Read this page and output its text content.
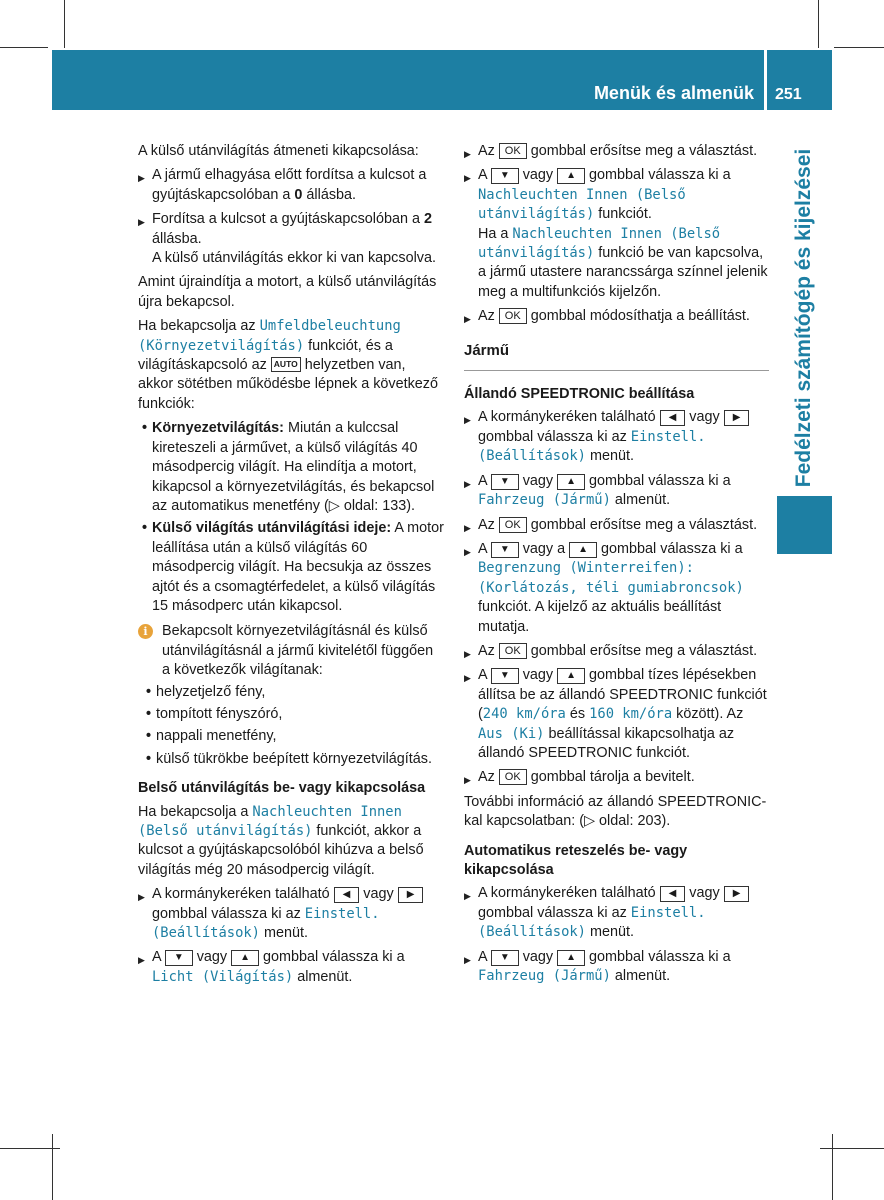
Menük és almenük 251
Fedélzeti számítógép és kijelzései

A külső utánvilágítás átmeneti kikapcsolása:

▶ A jármű elhagyása előtt fordítsa a kulcsot a gyújtáskapcsolóban a 0 állásba.
▶ Fordítsa a kulcsot a gyújtáskapcsolóban a 2 állásba.

A külső utánvilágítás ekkor ki van kapcsolva.

Amint újraindítja a motort, a külső utánvilágítás újra bekapcsol.

Ha bekapcsolja az Umfeldbeleuchtung (Környezetvilágítás) funkciót, és a világításkapcsoló az AUTO helyzetben van, akkor sötétben működésbe lépnek a következő funkciók:

• Környezetvilágítás: Miután a kulccsal kireteszeli a járművet, a külső világítás 40 másodpercig világít. Ha elindítja a motort, kikapcsol a környezetvilágítás, és bekapcsol az automatikus menetfény (▷ oldal: 133).
• Külső világítás utánvilágítási ideje: A motor leállítása után a külső világítás 60 másodpercig világít. Ha becsukja az összes ajtót és a csomagtérfedelet, a külső világítás 15 másodperc után kikapcsol.
i	Bekapcsolt környezetvilágításnál és külső utánvilágításnál a jármű kivitelétől függően a következők világítanak:
• helyzetjelző fény,
• tompított fényszóró,
• nappali menetfény,
• külső tükrökbe beépített környezetvilágítás.

Belső utánvilágítás be- vagy kikapcsolása

Ha bekapcsolja a Nachleuchten Innen (Belső utánvilágítás) funkciót, akkor a kulcsot a gyújtáskapcsolóból kihúzva a belső világítás még 20 másodpercig világít.

▶ A kormánykeréken található ◀ vagy ▶ gombbal válassza ki az Einstell. (Beállítások) menüt.
▶ A ▼ vagy ▲ gombbal válassza ki a Licht (Világítás) almenüt.
▶ Az OK gombbal erősítse meg a választást.
▶ A ▼ vagy ▲ gombbal válassza ki a Nachleuchten Innen (Belső utánvilágítás) funkciót.

Ha a Nachleuchten Innen (Belső utánvilágítás) funkció be van kapcsolva, a jármű utastere narancssárga színnel jelenik meg a multifunkciós kijelzőn.

▶ Az OK gombbal módosíthatja a beállítást.

Jármű

Állandó SPEEDTRONIC beállítása

▶ A kormánykeréken található ◀ vagy ▶ gombbal válassza ki az Einstell. (Beállítások) menüt.
▶ A ▼ vagy ▲ gombbal válassza ki a Fahrzeug (Jármű) almenüt.
▶ Az OK gombbal erősítse meg a választást.
▶ A ▼ vagy a ▲ gombbal válassza ki a Begrenzung (Winterreifen): (Korlátozás, téli gumiabroncsok) funkciót. A kijelző az aktuális beállítást mutatja.
▶ Az OK gombbal erősítse meg a választást.
▶ A ▼ vagy ▲ gombbal tízes lépésekben állítsa be az állandó SPEEDTRONIC funkciót (240 km/óra és 160 km/óra között). Az Aus (Ki) beállítással kikapcsolhatja az állandó SPEEDTRONIC funkciót.
▶ Az OK gombbal tárolja a bevitelt.

További információ az állandó SPEEDTRONIC-kal kapcsolatban: (▷ oldal: 203).

Automatikus reteszelés be- vagy kikapcsolása

▶ A kormánykeréken található ◀ vagy ▶ gombbal válassza ki az Einstell. (Beállítások) menüt.
▶ A ▼ vagy ▲ gombbal válassza ki a Fahrzeug (Jármű) almenüt.
